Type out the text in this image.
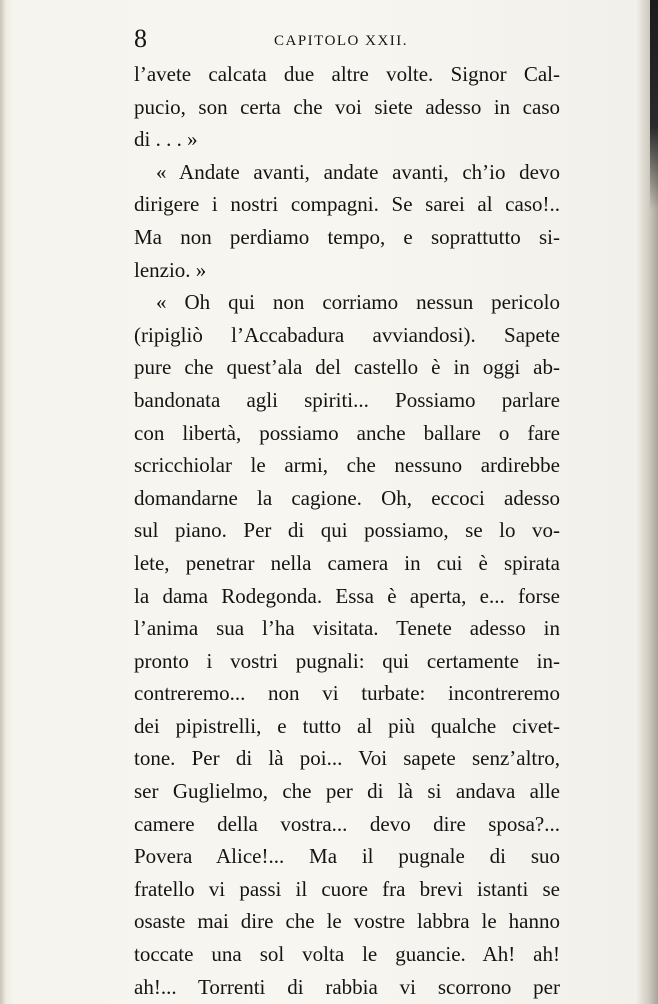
8	CAPITOLO XXII.
l’avete calcata due altre volte. Signor Cal-
pucio, son certa che voi siete adesso in caso
di . . . »
« Andate avanti, andate avanti, ch’io devo
dirigere i nostri compagni. Se sarei al caso!..
Ma non perdiamo tempo, e soprattutto si-
lenzio. »
« Oh qui non corriamo nessun pericolo
(ripigliò l’Accabadura avviandosi). Sapete
pure che quest’ala del castello è in oggi ab-
bandonata agli spiriti... Possiamo parlare
con libertà, possiamo anche ballare o fare
scricchiolar le armi, che nessuno ardirebbe
domandarne la cagione. Oh, eccoci adesso
sul piano. Per di qui possiamo, se lo vo-
lete, penetrar nella camera in cui è spirata
la dama Rodegonda. Essa è aperta, e... forse
l’anima sua l’ha visitata. Tenete adesso in
pronto i vostri pugnali: qui certamente in-
contreremo... non vi turbate: incontreremo
dei pipistrelli, e tutto al più qualche civet-
tone. Per di là poi... Voi sapete senz’altro,
ser Guglielmo, che per di là si andava alle
camere della vostra... devo dire sposa?...
Povera Alice!... Ma il pugnale di suo
fratello vi passi il cuore fra brevi istanti se
osaste mai dire che le vostre labbra le hanno
toccate una sol volta le guancie. Ah! ah!
ah!... Torrenti di rabbia vi scorrono per
